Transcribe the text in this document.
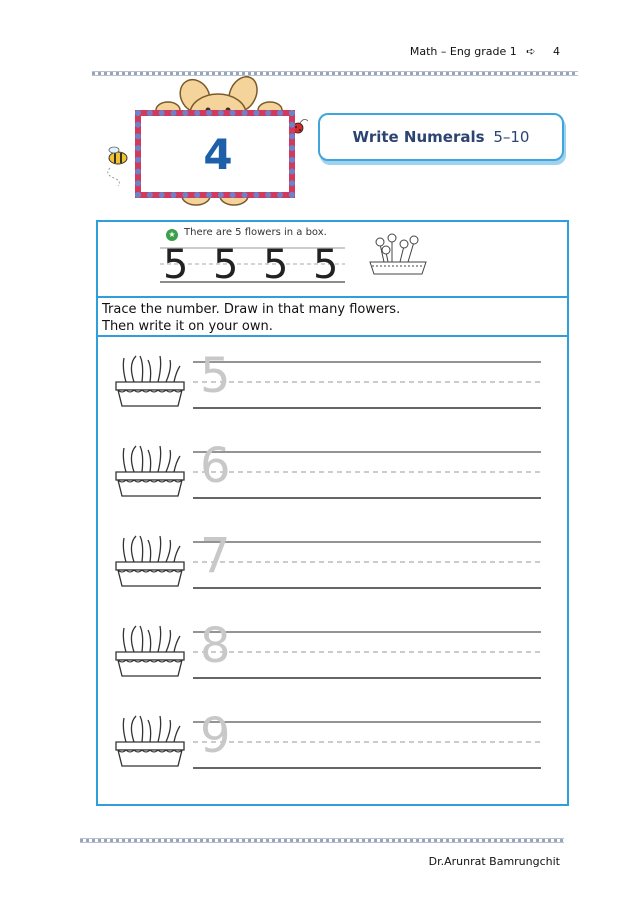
Math – Eng grade 1 ➪ 4
4	Write Numerals 5–10
★ There are 5 flowers in a box.
5 5 5 5
Trace the number. Draw in that many flowers.
Then write it on your own.
5
6
7
8
9
Dr.Arunrat Bamrungchit
